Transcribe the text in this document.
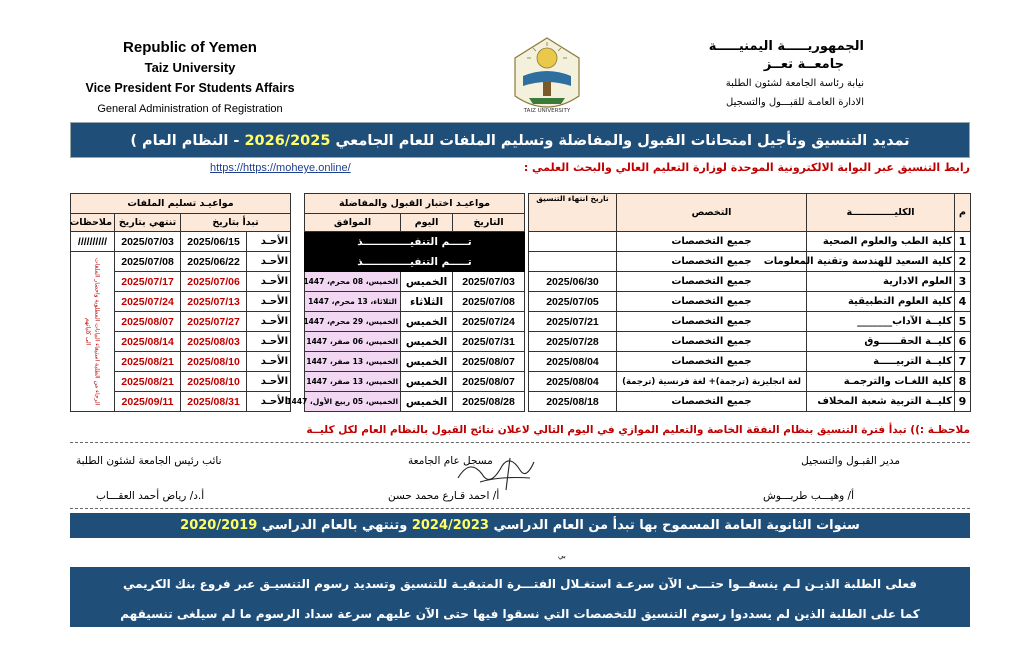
Republic of Yemen
Taiz University
Vice President For Students Affairs
General Administration of Registration	TAIZ UNIVERSITY
الجمهوريـــــة اليمنيـــــة
جامعــة تعــز
نيابة رئاسة الجامعة لشئون الطلبة
الادارة العامـة للقبـــول والتسجيل
تمديد التنسيق وتأجيل امتحانات القبول والمفاضلة وتسليم الملفات للعام الجامعي 2026/2025 - النظام العام )
رابط التنسيق عبر البوابة الالكترونية الموحدة لوزارة التعليم العالي والبحث العلمي :
https://https://moheye.online/
م	الكليـــــــــــــة	التخصص	تاريخ انتهاء التنسيق
1	كلية الطب والعلوم الصحية	جميع التخصصات	
2	كلية السعيد للهندسة وتقنية المعلومات	جميع التخصصات	
3	العلوم الادارية	جميع التخصصات	2025/06/30
4	كلية العلوم التطبيقية	جميع التخصصات	2025/07/05
5	كليــة الآداب_______	جميع التخصصات	2025/07/21
6	كليــة الحقــــــوق	جميع التخصصات	2025/07/28
7	كليــة التربيـــــة	جميع التخصصات	2025/08/04
8	كلية اللغـات والترجمـة	لغة انجليزية (ترجمة)+ لغة فرنسية (ترجمة)	2025/08/04
9	كليــة التربية شعبة المخلاف	جميع التخصصات	2025/08/18
مواعيـد اختبار القبول والمفاضلة		
التاريخ	اليوم	الموافق
تـــــم التنفيـــــــــــــذ		
تـــــم التنفيـــــــــــــذ		
2025/07/03	الخميس	الخميس، 08 محرم، 1447
2025/07/08	الثلاثاء	الثلاثاء، 13 محرم، 1447
2025/07/24	الخميس	الخميس، 29 محرم، 1447
2025/07/31	الخميس	الخميس، 06 صفر، 1447
2025/08/07	الخميس	الخميس، 13 صفر، 1447
2025/08/07	الخميس	الخميس، 13 صفر، 1447
2025/08/28	الخميس	الخميس، 05 ربيع الأول، 1447
مواعيـد تسليم الملفات			
تبدأ بتاريخ		تنتهي بتاريخ	ملاحظات
الأحـد	2025/06/15	2025/07/03	//////////
الأحـد	2025/06/22	2025/07/08	الرجاء من الطلبة استيفاء البيانات المطلوبة واحضار الملفات الى كلياتهم
الأحـد	2025/07/06	2025/07/17	
الأحـد	2025/07/13	2025/07/24	
الأحـد	2025/07/27	2025/08/07	
الأحـد	2025/08/03	2025/08/14	
الأحـد	2025/08/10	2025/08/21	
الأحـد	2025/08/10	2025/08/21	
الأحـد	2025/08/31	2025/09/11	
ملاحظـة :)) تبدأ فترة التنسيق بنظام النفقة الخاصة والتعليم الموازي في اليوم التالي لاعلان نتائج القبول بالنظام العام لكل كليــة
مدير القبـول والتسجيل
مسجل عام الجامعة
نائب رئيس الجامعة لشئون الطلبة
أ/ وهيـــب طربـــوش
أ/ احمد قـارع محمد حسن
أ.د/ رياض أحمد العقـــاب
سنوات الثانوية العامة المسموح بها تبدأ من العام الدراسي 2024/2023 وتنتهي بالعام الدراسي 2020/2019
بي
فعلى الطلبة الذيـن لـم ينسقــوا حتـــى الآن سرعـة استغـلال الفتـــرة المتبقيـة للتنسيق وتسديد رسوم التنسيـق عبر فروع بنك الكريمي
كما على الطلبة الذين لم يسددوا رسوم التنسيق للتخصصات التي نسقوا فيها حتى الآن عليهم سرعة سداد الرسوم ما لم سيلغى تنسيقهم
